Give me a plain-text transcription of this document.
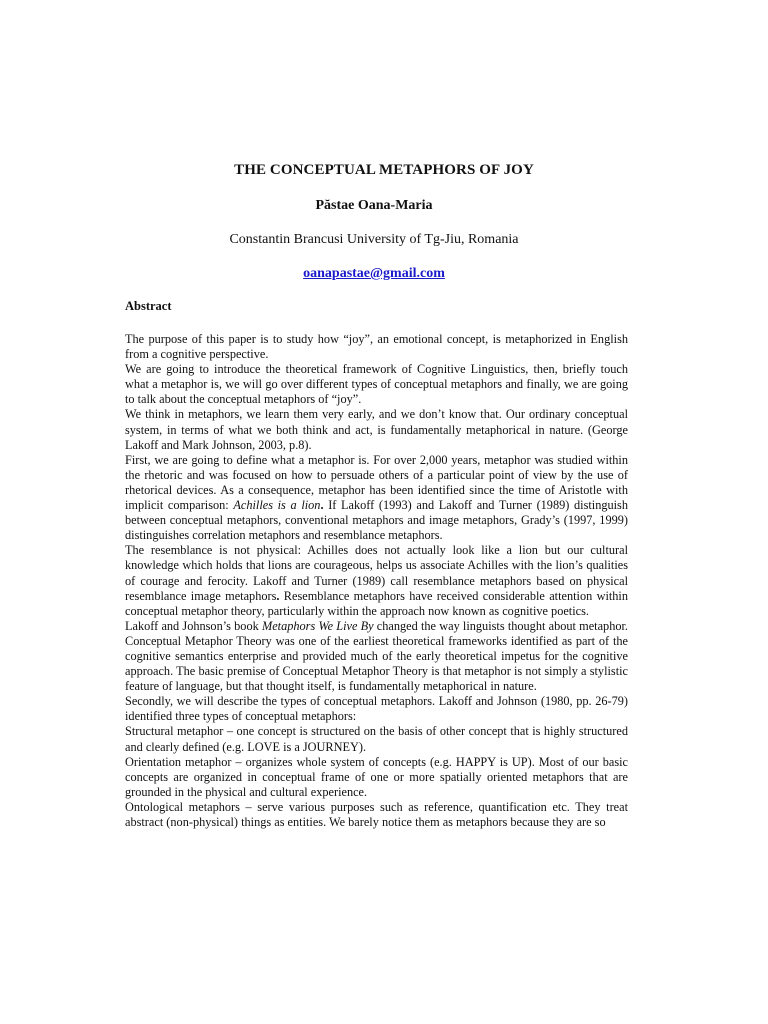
THE CONCEPTUAL METAPHORS OF JOY
Păstae Oana-Maria
Constantin Brancusi University of Tg-Jiu, Romania
oanapastae@gmail.com
Abstract

The purpose of this paper is to study how “joy”, an emotional concept, is metaphorized in English from a cognitive perspective.

We are going to introduce the theoretical framework of Cognitive Linguistics, then, briefly touch what a metaphor is, we will go over different types of conceptual metaphors and finally, we are going to talk about the conceptual metaphors of “joy”.

We think in metaphors, we learn them very early, and we don’t know that. Our ordinary conceptual system, in terms of what we both think and act, is fundamentally metaphorical in nature. (George Lakoff and Mark Johnson, 2003, p.8).

First, we are going to define what a metaphor is. For over 2,000 years, metaphor was studied within the rhetoric and was focused on how to persuade others of a particular point of view by the use of rhetorical devices. As a consequence, metaphor has been identified since the time of Aristotle with implicit comparison: Achilles is a lion. If Lakoff (1993) and Lakoff and Turner (1989) distinguish between conceptual metaphors, conventional metaphors and image metaphors, Grady’s (1997, 1999) distinguishes correlation metaphors and resemblance metaphors.

The resemblance is not physical: Achilles does not actually look like a lion but our cultural knowledge which holds that lions are courageous, helps us associate Achilles with the lion’s qualities of courage and ferocity. Lakoff and Turner (1989) call resemblance metaphors based on physical resemblance image metaphors. Resemblance metaphors have received considerable attention within conceptual metaphor theory, particularly within the approach now known as cognitive poetics.

Lakoff and Johnson’s book Metaphors We Live By changed the way linguists thought about metaphor. Conceptual Metaphor Theory was one of the earliest theoretical frameworks identified as part of the cognitive semantics enterprise and provided much of the early theoretical impetus for the cognitive approach. The basic premise of Conceptual Metaphor Theory is that metaphor is not simply a stylistic feature of language, but that thought itself, is fundamentally metaphorical in nature.

Secondly, we will describe the types of conceptual metaphors. Lakoff and Johnson (1980, pp. 26-79) identified three types of conceptual metaphors:

Structural metaphor – one concept is structured on the basis of other concept that is highly structured and clearly defined (e.g. LOVE is a JOURNEY).

Orientation metaphor – organizes whole system of concepts (e.g. HAPPY is UP). Most of our basic concepts are organized in conceptual frame of one or more spatially oriented metaphors that are grounded in the physical and cultural experience.

Ontological metaphors – serve various purposes such as reference, quantification etc. They treat abstract (non-physical) things as entities. We barely notice them as metaphors because they are so
